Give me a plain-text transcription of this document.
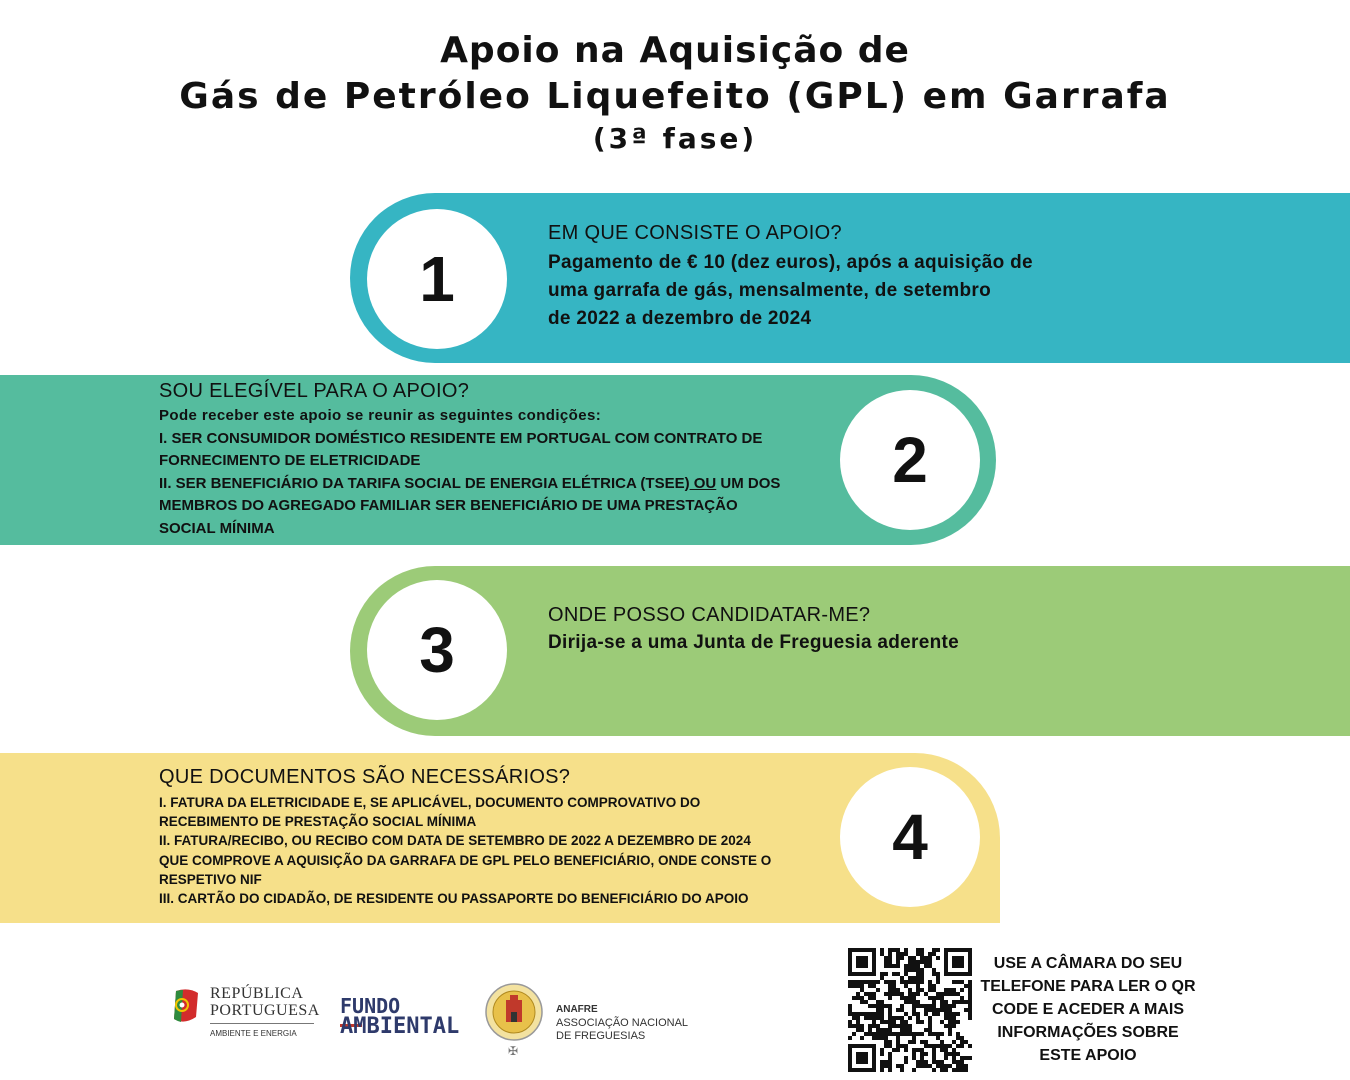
Apoio na Aquisição de
Gás de Petróleo Liquefeito (GPL) em Garrafa
(3ª fase)
1
EM QUE CONSISTE O APOIO?
Pagamento de € 10 (dez euros), após a aquisição de
uma garrafa de gás, mensalmente, de setembro
de 2022 a dezembro de 2024
2
SOU ELEGÍVEL PARA O APOIO?
Pode receber este apoio se reunir as seguintes condições:
I. SER CONSUMIDOR DOMÉSTICO RESIDENTE EM PORTUGAL COM CONTRATO DE
FORNECIMENTO DE ELETRICIDADE
II. SER BENEFICIÁRIO DA TARIFA SOCIAL DE ENERGIA ELÉTRICA (TSEE) OU UM DOS
MEMBROS DO AGREGADO FAMILIAR SER BENEFICIÁRIO DE UMA PRESTAÇÃO
SOCIAL MÍNIMA
3	ONDE POSSO CANDIDATAR-ME?
Dirija-se a uma Junta de Freguesia aderente
4
QUE DOCUMENTOS SÃO NECESSÁRIOS?
I. FATURA DA ELETRICIDADE E, SE APLICÁVEL, DOCUMENTO COMPROVATIVO DO
RECEBIMENTO DE PRESTAÇÃO SOCIAL MÍNIMA
II. FATURA/RECIBO, OU RECIBO COM DATA DE SETEMBRO DE 2022 A DEZEMBRO DE 2024
QUE COMPROVE A AQUISIÇÃO DA GARRAFA DE GPL PELO BENEFICIÁRIO, ONDE CONSTE O
RESPETIVO NIF
III. CARTÃO DO CIDADÃO, DE RESIDENTE OU PASSAPORTE DO BENEFICIÁRIO DO APOIO
REPÚBLICA
PORTUGUESA
AMBIENTE E ENERGIA
FUNDO
AMBIENTAL
✠
ANAFRE
ASSOCIAÇÃO NACIONAL
DE FREGUESIAS
USE A CÂMARA DO SEU
TELEFONE PARA LER O QR
CODE E ACEDER A MAIS
INFORMAÇÕES SOBRE
ESTE APOIO
